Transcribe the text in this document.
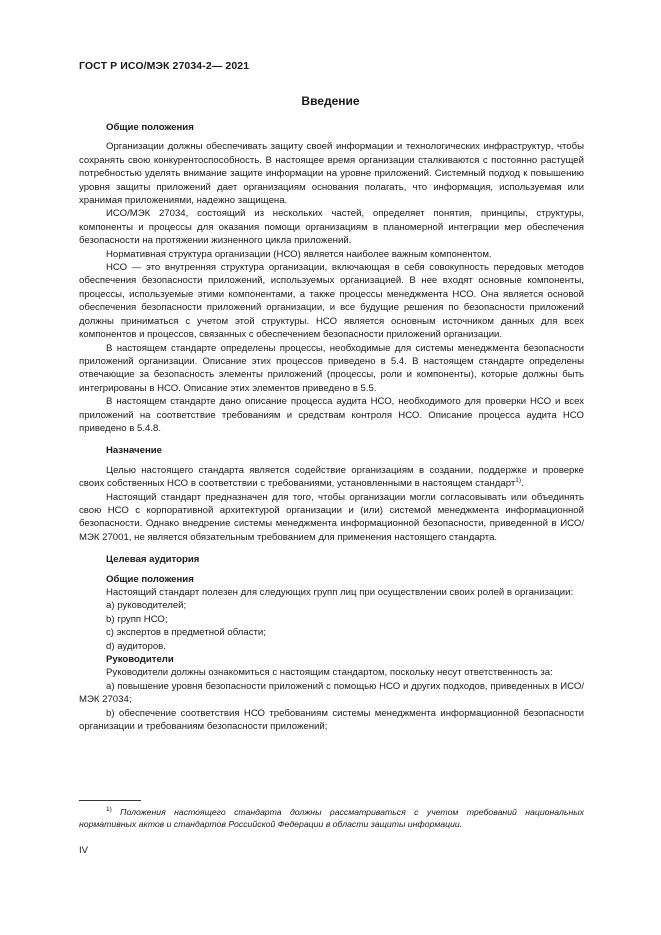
ГОСТ Р ИСО/МЭК 27034-2— 2021
Введение

Общие положения

Организации должны обеспечивать защиту своей информации и технологических инфраструктур, чтобы сохранять свою конкурентоспособность. В настоящее время организации сталкиваются с постоянно растущей потребностью уделять внимание защите информации на уровне приложений. Системный подход к повышению уровня защиты приложений дает организациям основания полагать, что информация, используемая или хранимая приложениями, надежно защищена.

ИСО/МЭК 27034, состоящий из нескольких частей, определяет понятия, принципы, структуры, компоненты и процессы для оказания помощи организациям в планомерной интеграции мер обеспечения безопасности на протяжении жизненного цикла приложений.

Нормативная структура организации (НСО) является наиболее важным компонентом.

НСО — это внутренняя структура организации, включающая в себя совокупность передовых методов обеспечения безопасности приложений, используемых организацией. В нее входят основные компоненты, процессы, используемые этими компонентами, а также процессы менеджмента НСО. Она является основой обеспечения безопасности приложений организации, и все будущие решения по безопасности приложений должны приниматься с учетом этой структуры. НСО является основным источником данных для всех компонентов и процессов, связанных с обеспечением безопасности приложений организации.

В настоящем стандарте определены процессы, необходимые для системы менеджмента безопасности приложений организации. Описание этих процессов приведено в 5.4. В настоящем стандарте определены отвечающие за безопасность элементы приложений (процессы, роли и компоненты), которые должны быть интегрированы в НСО. Описание этих элементов приведено в 5.5.

В настоящем стандарте дано описание процесса аудита НСО, необходимого для проверки НСО и всех приложений на соответствие требованиям и средствам контроля НСО. Описание процесса аудита НСО приведено в 5.4.8.

Назначение

Целью настоящего стандарта является содействие организациям в создании, поддержке и проверке своих собственных НСО в соответствии с требованиями, установленными в настоящем стандарт$^{1)}$.

Настоящий стандарт предназначен для того, чтобы организации могли согласовывать или объединять свою НСО с корпоративной архитектурой организации и (или) системой менеджмента информационной безопасности. Однако внедрение системы менеджмента информационной безопасности, приведенной в ИСО/МЭК 27001, не является обязательным требованием для применения настоящего стандарта.

Целевая аудитория

Общие положения

Настоящий стандарт полезен для следующих групп лиц при осуществлении своих ролей в организации:

a) руководителей;

b) групп НСО;

c) экспертов в предметной области;

d) аудиторов.

Руководители

Руководители должны ознакомиться с настоящим стандартом, поскольку несут ответственность за:

a) повышение уровня безопасности приложений с помощью НСО и других подходов, приведенных в ИСО/МЭК 27034;

b) обеспечение соответствия НСО требованиям системы менеджмента информационной безопасности организации и требованиям безопасности приложений;

$^{1)}$ Положения настоящего стандарта должны рассматриваться с учетом требований национальных нормативных актов и стандартов Российской Федерации в области защиты информации.

IV
